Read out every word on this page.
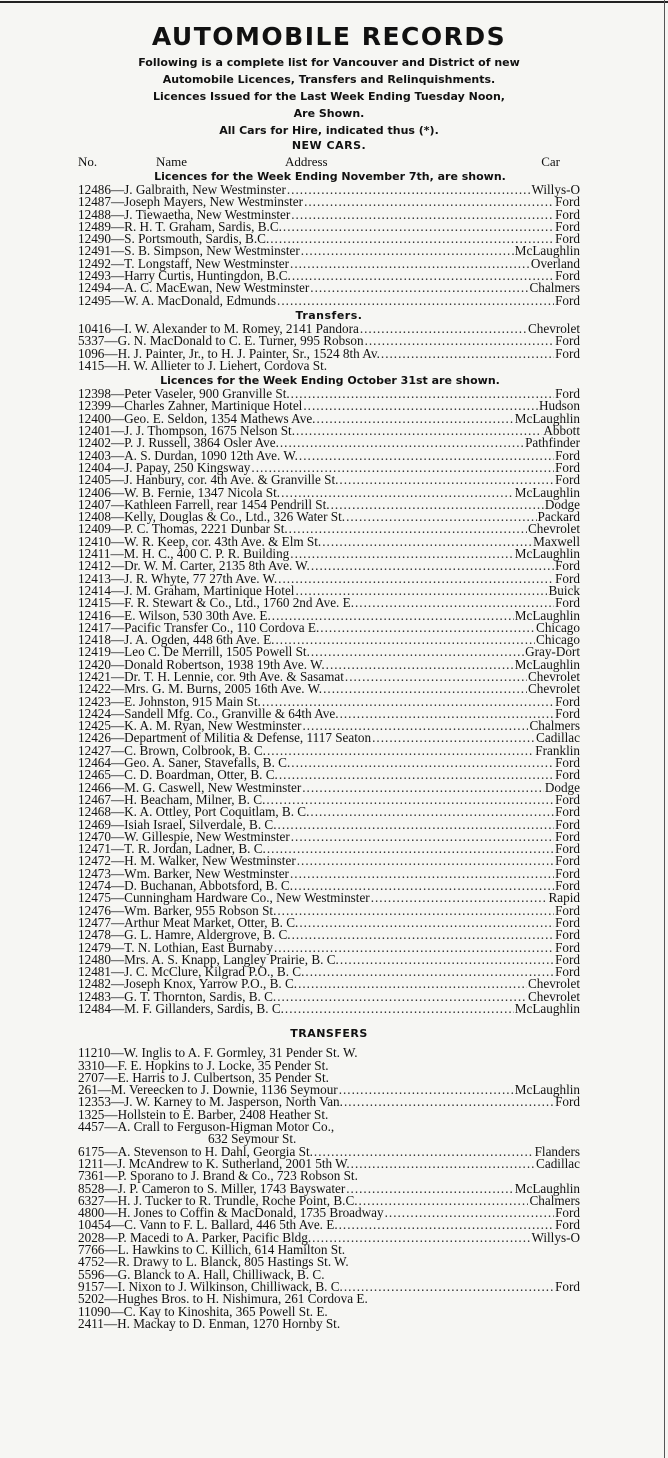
AUTOMOBILE RECORDS
Following is a complete list for Vancouver and District of new
Automobile Licences, Transfers and Relinquishments.
Licences Issued for the Last Week Ending Tuesday Noon,
Are Shown.
All Cars for Hire, indicated thus (*).
NEW CARS.
No.	Name	Address	Car
Licences for the Week Ending November 7th, are shown.
12486—J. Galbraith, New Westminster .....	Willys-O
12487—Joseph Mayers, New Westminster .....	Ford
12488—J. Tiewaetha, New Westminster .....	Ford
12489—R. H. T. Graham, Sardis, B.C. .....	Ford
12490—S. Portsmouth, Sardis, B.C. .....	Ford
12491—S. B. Simpson, New Westminster .....	McLaughlin
12492—T. Longstaff, New Westminster .....	Overland
12493—Harry Curtis, Huntingdon, B.C. .....	Ford
12494—A. C. MacEwan, New Westminster .....	Chalmers
12495—W. A. MacDonald, Edmunds .....	Ford
Transfers.
10416—I. W. Alexander to M. Romey, 2141 Pandora .....	Chevrolet
5337—G. N. MacDonald to C. E. Turner, 995 Robson .....	Ford
1096—H. J. Painter, Jr., to H. J. Painter, Sr., 1524 8th Av. .....	Ford
1415—H. W. Allieter to J. Liehert, Cordova St.
Licences for the Week Ending October 31st are shown.
12398—Peter Vaseler, 900 Granville St. .....	Ford
12399—Charles Zahner, Martinique Hotel .....	Hudson
12400—Geo. E. Seldon, 1354 Mathews Ave. .....	McLaughlin
12401—J. J. Thompson, 1675 Nelson St. .....	Abbott
12402—P. J. Russell, 3864 Osler Ave. .....	Pathfinder
12403—A. S. Durdan, 1090 12th Ave. W. .....	Ford
12404—J. Papay, 250 Kingsway .....	Ford
12405—J. Hanbury, cor. 4th Ave. & Granville St. .....	Ford
12406—W. B. Fernie, 1347 Nicola St. .....	McLaughlin
12407—Kathleen Farrell, rear 1454 Pendrill St. .....	Dodge
12408—Kelly, Douglas & Co., Ltd., 326 Water St. .....	Packard
12409—P. C. Thomas, 2221 Dunbar St. .....	Chevrolet
12410—W. R. Keep, cor. 43th Ave. & Elm St. .....	Maxwell
12411—M. H. C., 400 C. P. R. Building .....	McLaughlin
12412—Dr. W. M. Carter, 2135 8th Ave. W. .....	Ford
12413—J. R. Whyte, 77 27th Ave. W. .....	Ford
12414—J. M. Graham, Martinique Hotel .....	Buick
12415—F. R. Stewart & Co., Ltd., 1760 2nd Ave. E. .....	Ford
12416—E. Wilson, 530 30th Ave. E. .....	McLaughlin
12417—Pacific Transfer Co., 110 Cordova E. .....	Chicago
12418—J. A. Ogden, 448 6th Ave. E. .....	Chicago
12419—Leo C. De Merrill, 1505 Powell St. .....	Gray-Dort
12420—Donald Robertson, 1938 19th Ave. W. .....	McLaughlin
12421—Dr. T. H. Lennie, cor. 9th Ave. & Sasamat .....	Chevrolet
12422—Mrs. G. M. Burns, 2005 16th Ave. W. .....	Chevrolet
12423—E. Johnston, 915 Main St. .....	Ford
12424—Sandell Mfg. Co., Granville & 64th Ave. .....	Ford
12425—K. A. M. Ryan, New Westminster .....	Chalmers
12426—Department of Militia & Defense, 1117 Seaton .....	Cadillac
12427—C. Brown, Colbrook, B. C. .....	Franklin
12464—Geo. A. Saner, Stavefalls, B. C. .....	Ford
12465—C. D. Boardman, Otter, B. C. .....	Ford
12466—M. G. Caswell, New Westminster .....	Dodge
12467—H. Beacham, Milner, B. C. .....	Ford
12468—K. A. Ottley, Port Coquitlam, B. C. .....	Ford
12469—Isiah Israel, Silverdale, B. C. .....	Ford
12470—W. Gillespie, New Westminster .....	Ford
12471—T. R. Jordan, Ladner, B. C. .....	Ford
12472—H. M. Walker, New Westminster .....	Ford
12473—Wm. Barker, New Westminster .....	Ford
12474—D. Buchanan, Abbotsford, B. C. .....	Ford
12475—Cunningham Hardware Co., New Westminster .....	Rapid
12476—Wm. Barker, 955 Robson St. .....	Ford
12477—Arthur Meat Market, Otter, B. C. .....	Ford
12478—G. L. Hamre, Aldergrove, B. C. .....	Ford
12479—T. N. Lothian, East Burnaby .....	Ford
12480—Mrs. A. S. Knapp, Langley Prairie, B. C. .....	Ford
12481—J. C. McClure, Kilgrad P.O., B. C. .....	Ford
12482—Joseph Knox, Yarrow P.O., B. C. .....	Chevrolet
12483—G. T. Thornton, Sardis, B. C. .....	Chevrolet
12484—M. F. Gillanders, Sardis, B. C. .....	McLaughlin
TRANSFERS
11210—W. Inglis to A. F. Gormley, 31 Pender St. W.
3310—F. E. Hopkins to J. Locke, 35 Pender St.
2707—E. Harris to J. Culbertson, 35 Pender St.
261—M. Vereecken to J. Downie, 1136 Seymour .....	McLaughlin
12353—J. W. Karney to M. Jasperson, North Van. .....	Ford
1325—Hollstein to E. Barber, 2408 Heather St.
4457—A. Crall to Ferguson-Higman Motor Co.,
632 Seymour St.
6175—A. Stevenson to H. Dahl, Georgia St. .....	Flanders
1211—J. McAndrew to K. Sutherland, 2001 5th W. .....	Cadillac
7361—P. Sporano to J. Brand & Co., 723 Robson St.
8528—J. P. Cameron to S. Miller, 1743 Bayswater .....	McLaughlin
6327—H. J. Tucker to R. Trundle, Roche Point, B.C. .....	Chalmers
4800—H. Jones to Coffin & MacDonald, 1735 Broadway .....	Ford
10454—C. Vann to F. L. Ballard, 446 5th Ave. E. .....	Ford
2028—P. Macedi to A. Parker, Pacific Bldg. .....	Willys-O
7766—L. Hawkins to C. Killich, 614 Hamilton St.
4752—R. Drawy to L. Blanck, 805 Hastings St. W.
5596—G. Blanck to A. Hall, Chilliwack, B. C.
9157—I. Nixon to J. Wilkinson, Chilliwack, B. C. .....	Ford
5202—Hughes Bros. to H. Nishimura, 261 Cordova E.
11090—C. Kay to Kinoshita, 365 Powell St. E.
2411—H. Mackay to D. Enman, 1270 Hornby St.
